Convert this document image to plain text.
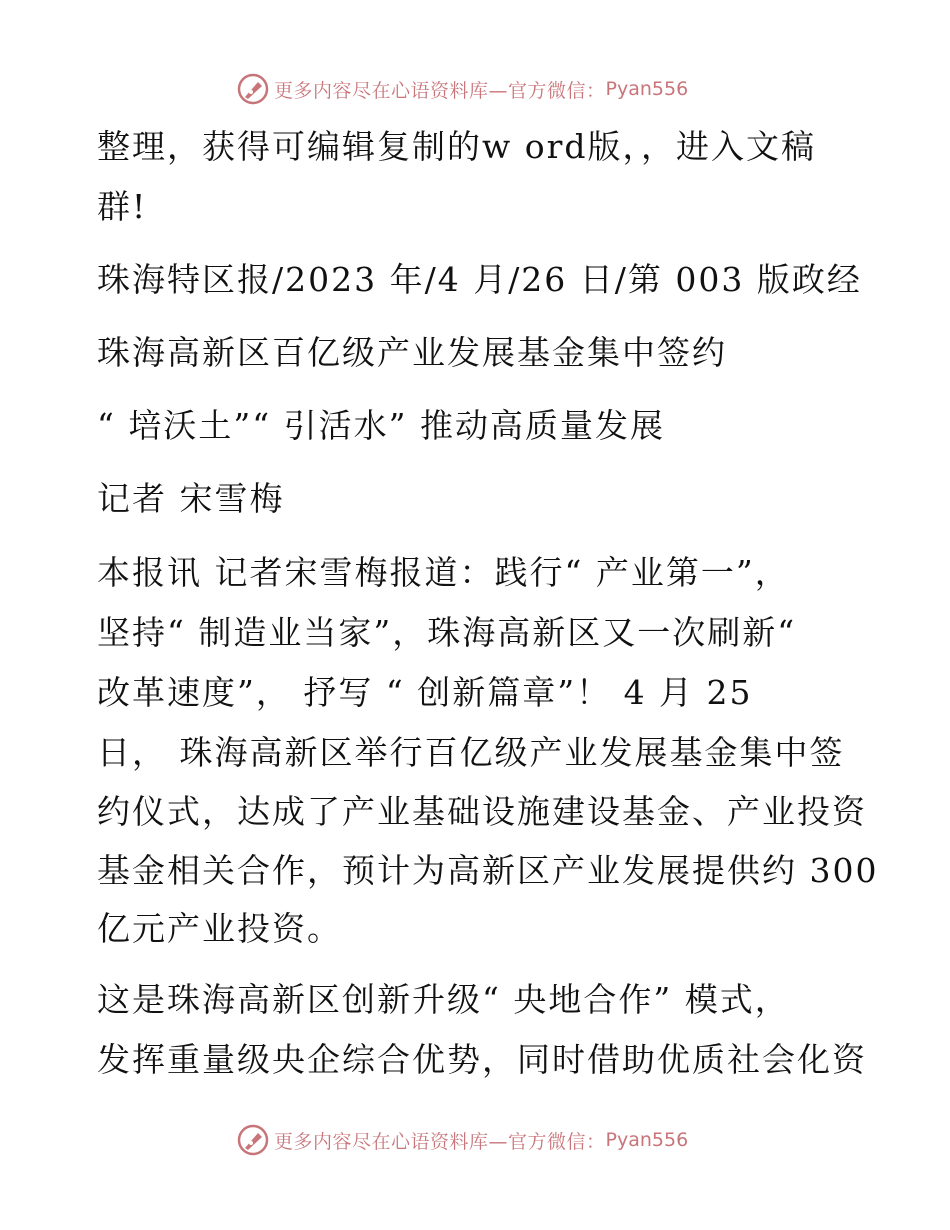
更多内容尽在心语资料库—官方微信： Pyan556
整理，获得可编辑复制的w ord版，，进入文稿
群!
珠海特区报/2023 年/4 月/26 日/第 003 版政经
珠海高新区百亿级产业发展基金集中签约
“ 培沃土”“ 引活水” 推动高质量发展
记者 宋雪梅
本报讯 记者宋雪梅报道：践行“ 产业第一”，
坚持“ 制造业当家”，珠海高新区又一次刷新“
改革速度”， 抒写 “ 创新篇章”！ 4 月 25
日， 珠海高新区举行百亿级产业发展基金集中签
约仪式，达成了产业基础设施建设基金、产业投资
基金相关合作，预计为高新区产业发展提供约 300
亿元产业投资。
这是珠海高新区创新升级“ 央地合作” 模式，
发挥重量级央企综合优势，同时借助优质社会化资
更多内容尽在心语资料库—官方微信： Pyan556
